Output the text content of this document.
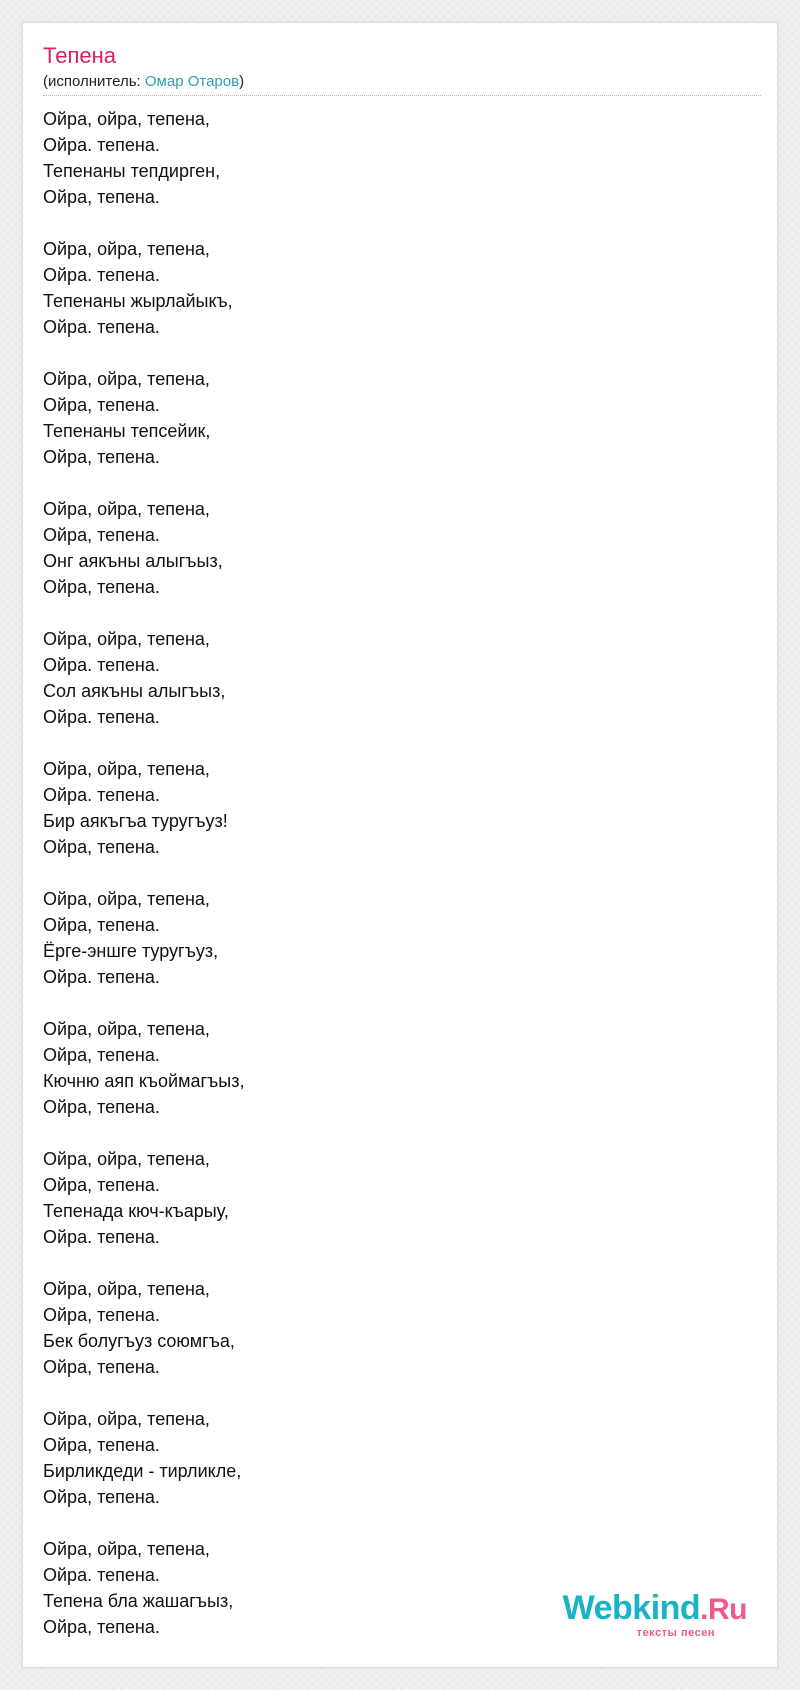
Тепена
(исполнитель: Омар Отаров)
Ойра, ойра, тепена,
Ойра. тепена.
Тепенаны тепдирген,
Ойра, тепена.
Ойра, ойра, тепена,
Ойра. тепена.
Тепенаны жырлайыкъ,
Ойра. тепена.
Ойра, ойра, тепена,
Ойра, тепена.
Тепенаны тепсейик,
Ойра, тепена.
Ойра, ойра, тепена,
Ойра, тепена.
Онг аякъны алыгъыз,
Ойра, тепена.
Ойра, ойра, тепена,
Ойра. тепена.
Сол аякъны алыгъыз,
Ойра. тепена.
Ойра, ойра, тепена,
Ойра. тепена.
Бир аякъгъа туругъуз!
Ойра, тепена.
Ойра, ойра, тепена,
Ойра, тепена.
Ёрге-эншге туругъуз,
Ойра. тепена.
Ойра, ойра, тепена,
Ойра, тепена.
Кючню аяп къоймагъыз,
Ойра, тепена.
Ойра, ойра, тепена,
Ойра, тепена.
Тепенада кюч-къарыу,
Ойра. тепена.
Ойра, ойра, тепена,
Ойра, тепена.
Бек болугъуз союмгъа,
Ойра, тепена.
Ойра, ойра, тепена,
Ойра, тепена.
Бирликдеди - тирликле,
Ойра, тепена.
Ойра, ойра, тепена,
Ойра. тепена.
Тепена бла жашагъыз,
Ойра, тепена.	Webkind.Ru
тексты песен
